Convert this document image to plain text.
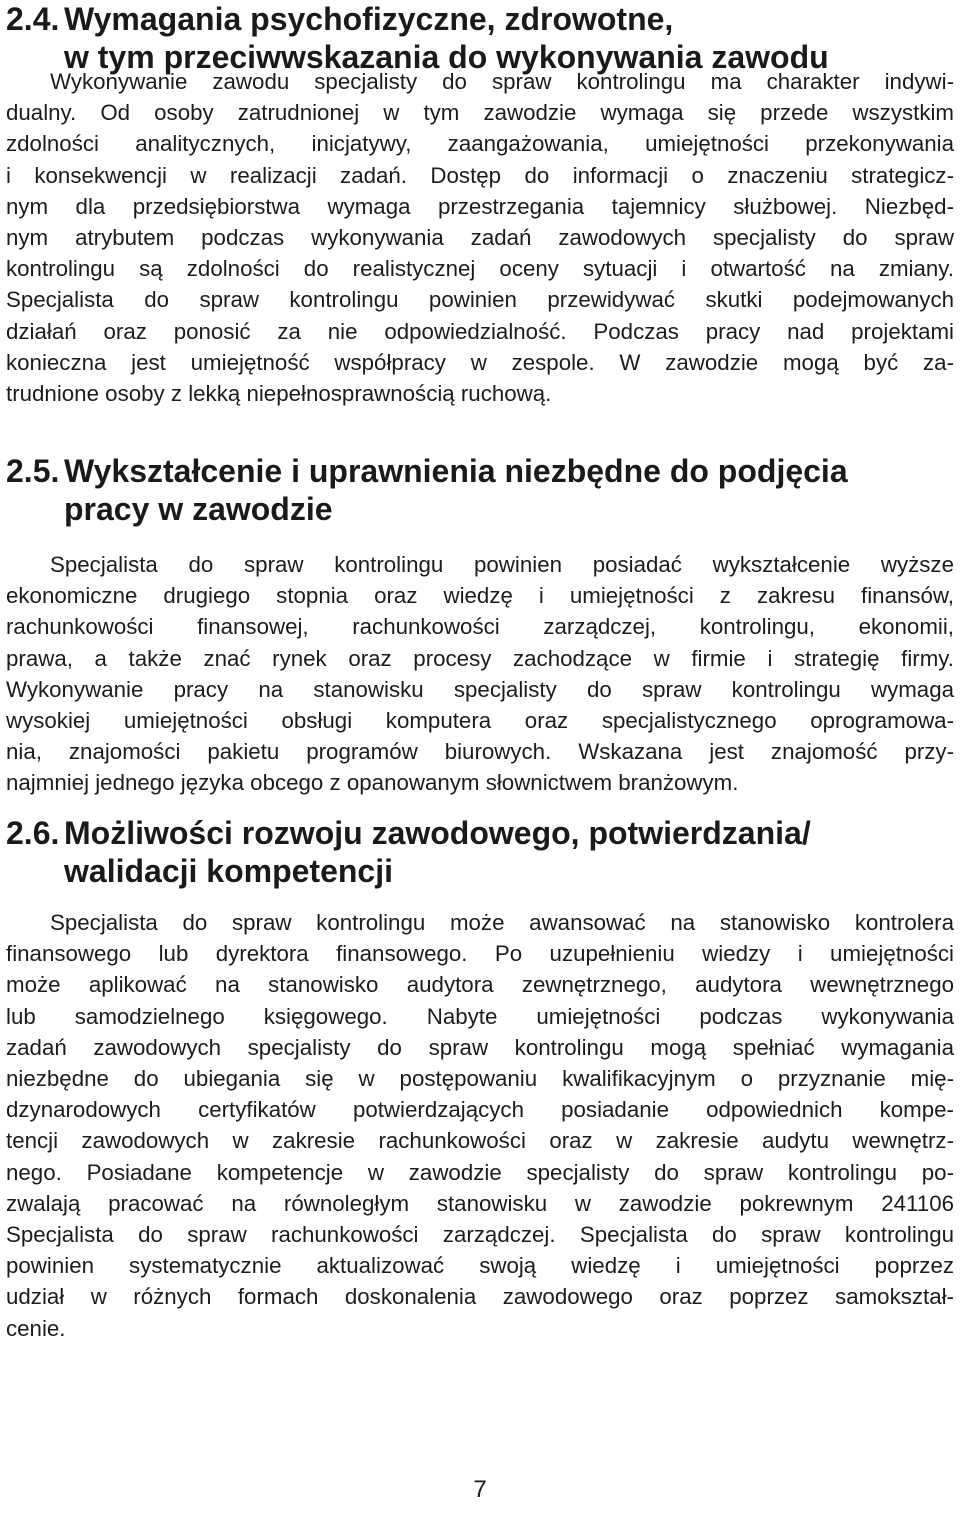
2.4. Wymagania psychofizyczne, zdrowotne,
w tym przeciwwskazania do wykonywania zawodu
Wykonywanie zawodu specjalisty do spraw kontrolingu ma charakter indywi-
dualny. Od osoby zatrudnionej w tym zawodzie wymaga się przede wszystkim
zdolności analitycznych, inicjatywy, zaangażowania, umiejętności przekonywania
i konsekwencji w realizacji zadań. Dostęp do informacji o znaczeniu strategicz-
nym dla przedsiębiorstwa wymaga przestrzegania tajemnicy służbowej. Niezbęd-
nym atrybutem podczas wykonywania zadań zawodowych specjalisty do spraw
kontrolingu są zdolności do realistycznej oceny sytuacji i otwartość na zmiany.
Specjalista do spraw kontrolingu powinien przewidywać skutki podejmowanych
działań oraz ponosić za nie odpowiedzialność. Podczas pracy nad projektami
konieczna jest umiejętność współpracy w zespole. W zawodzie mogą być za-
trudnione osoby z lekką niepełnosprawnością ruchową.
2.5. Wykształcenie i uprawnienia niezbędne do podjęcia
pracy w zawodzie
Specjalista do spraw kontrolingu powinien posiadać wykształcenie wyższe
ekonomiczne drugiego stopnia oraz wiedzę i umiejętności z zakresu finansów,
rachunkowości finansowej, rachunkowości zarządczej, kontrolingu, ekonomii,
prawa, a także znać rynek oraz procesy zachodzące w firmie i strategię firmy.
Wykonywanie pracy na stanowisku specjalisty do spraw kontrolingu wymaga
wysokiej umiejętności obsługi komputera oraz specjalistycznego oprogramowa-
nia, znajomości pakietu programów biurowych. Wskazana jest znajomość przy-
najmniej jednego języka obcego z opanowanym słownictwem branżowym.
2.6. Możliwości rozwoju zawodowego, potwierdzania/
walidacji kompetencji
Specjalista do spraw kontrolingu może awansować na stanowisko kontrolera
finansowego lub dyrektora finansowego. Po uzupełnieniu wiedzy i umiejętności
może aplikować na stanowisko audytora zewnętrznego, audytora wewnętrznego
lub samodzielnego księgowego. Nabyte umiejętności podczas wykonywania
zadań zawodowych specjalisty do spraw kontrolingu mogą spełniać wymagania
niezbędne do ubiegania się w postępowaniu kwalifikacyjnym o przyznanie mię-
dzynarodowych certyfikatów potwierdzających posiadanie odpowiednich kompe-
tencji zawodowych w zakresie rachunkowości oraz w zakresie audytu wewnętrz-
nego. Posiadane kompetencje w zawodzie specjalisty do spraw kontrolingu po-
zwalają pracować na równoległym stanowisku w zawodzie pokrewnym 241106
Specjalista do spraw rachunkowości zarządczej. Specjalista do spraw kontrolingu
powinien systematycznie aktualizować swoją wiedzę i umiejętności poprzez
udział w różnych formach doskonalenia zawodowego oraz poprzez samokształ-
cenie.
7
